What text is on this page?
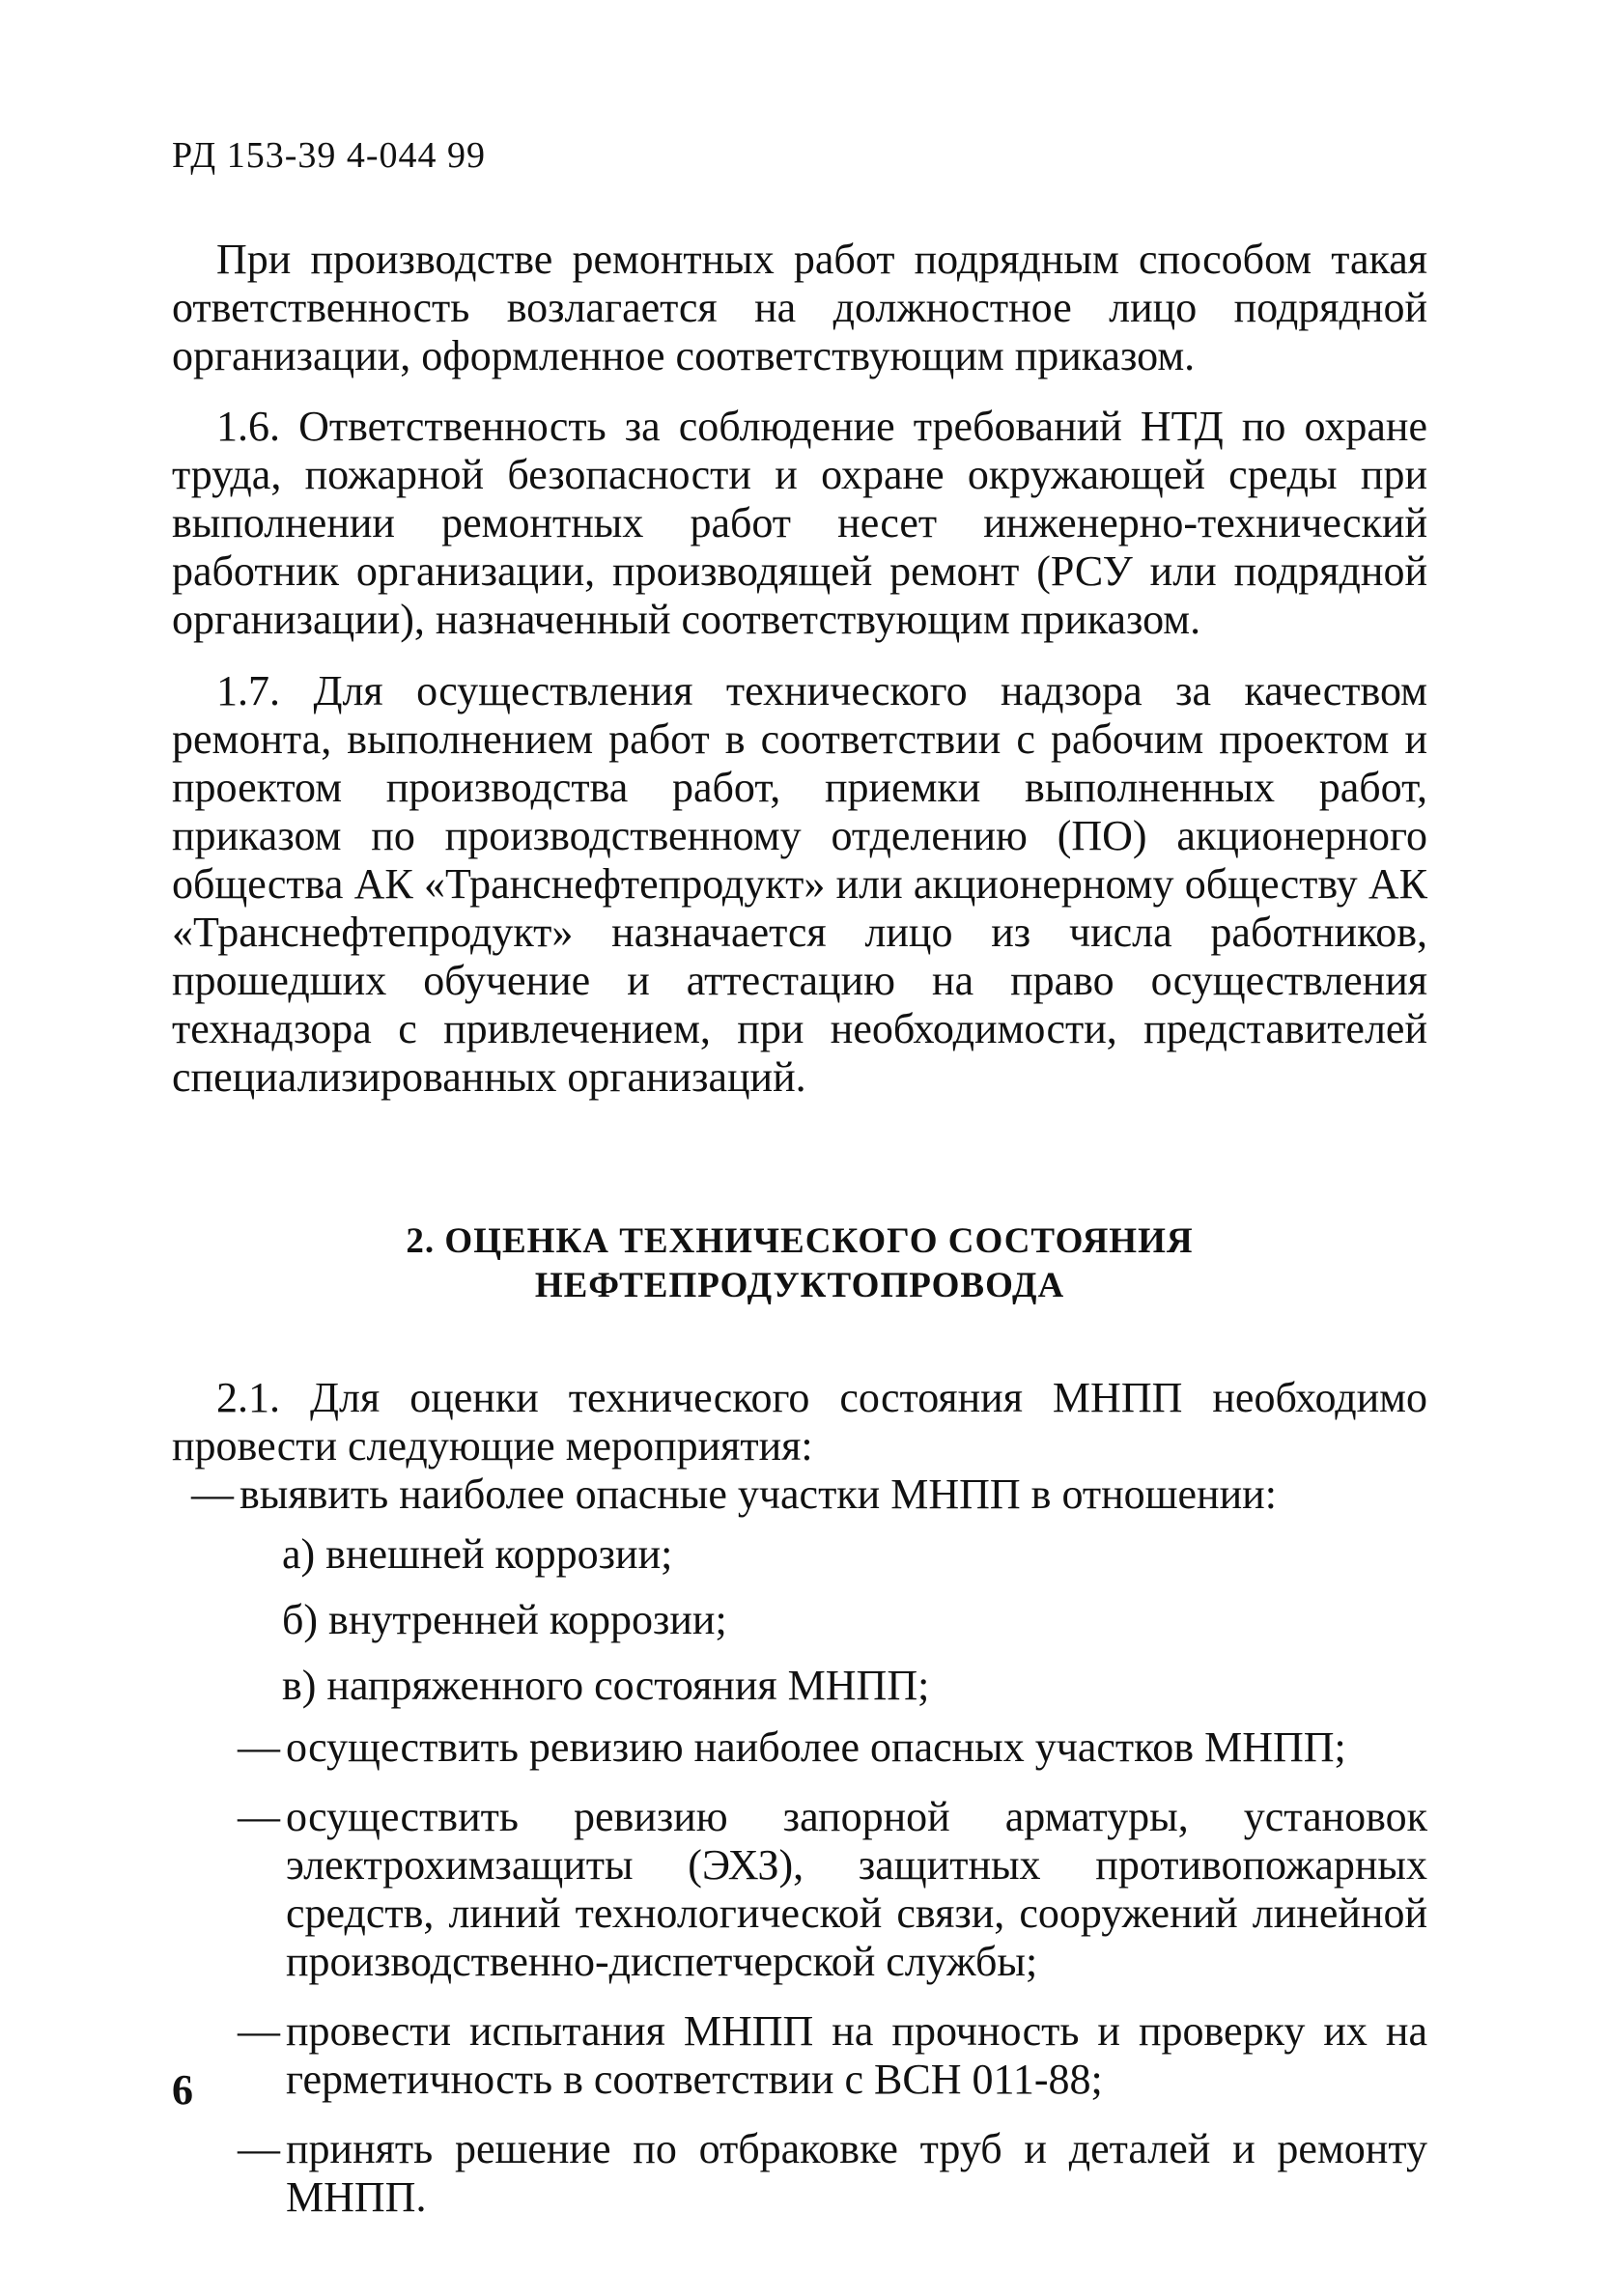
РД 153-39 4-044 99

При производстве ремонтных работ подрядным способом такая ответственность возлагается на должностное лицо подрядной организации, оформленное соответствующим приказом.

1.6. Ответственность за соблюдение требований НТД по охране труда, пожарной безопасности и охране окружающей среды при выполнении ремонтных работ несет инженерно-технический работник организации, производящей ремонт (РСУ или подрядной организации), назначенный соответствующим приказом.

1.7. Для осуществления технического надзора за качеством ремонта, выполнением работ в соответствии с рабочим проектом и проектом производства работ, приемки выполненных работ, приказом по производственному отделению (ПО) акционерного общества АК «Транснефтепродукт» или акционерному обществу АК «Транснефтепродукт» назначается лицо из числа работников, прошедших обучение и аттестацию на право осуществления технадзора с привлечением, при необходимости, представителей специализированных организаций.

2. ОЦЕНКА ТЕХНИЧЕСКОГО СОСТОЯНИЯ
НЕФТЕПРОДУКТОПРОВОДА

2.1. Для оценки технического состояния МНПП необходимо провести следующие мероприятия:

— выявить наиболее опасные участки МНПП в отношении:
а) внешней коррозии;
б) внутренней коррозии;
в) напряженного состояния МНПП;
— осуществить ревизию наиболее опасных участков МНПП;
— осуществить ревизию запорной арматуры, установок электрохимзащиты (ЭХЗ), защитных противопожарных средств, линий технологической связи, сооружений линейной производственно-диспетчерской службы;
— провести испытания МНПП на прочность и проверку их на герметичность в соответствии с ВСН 011-88;
— принять решение по отбраковке труб и деталей и ремонту МНПП.
6
